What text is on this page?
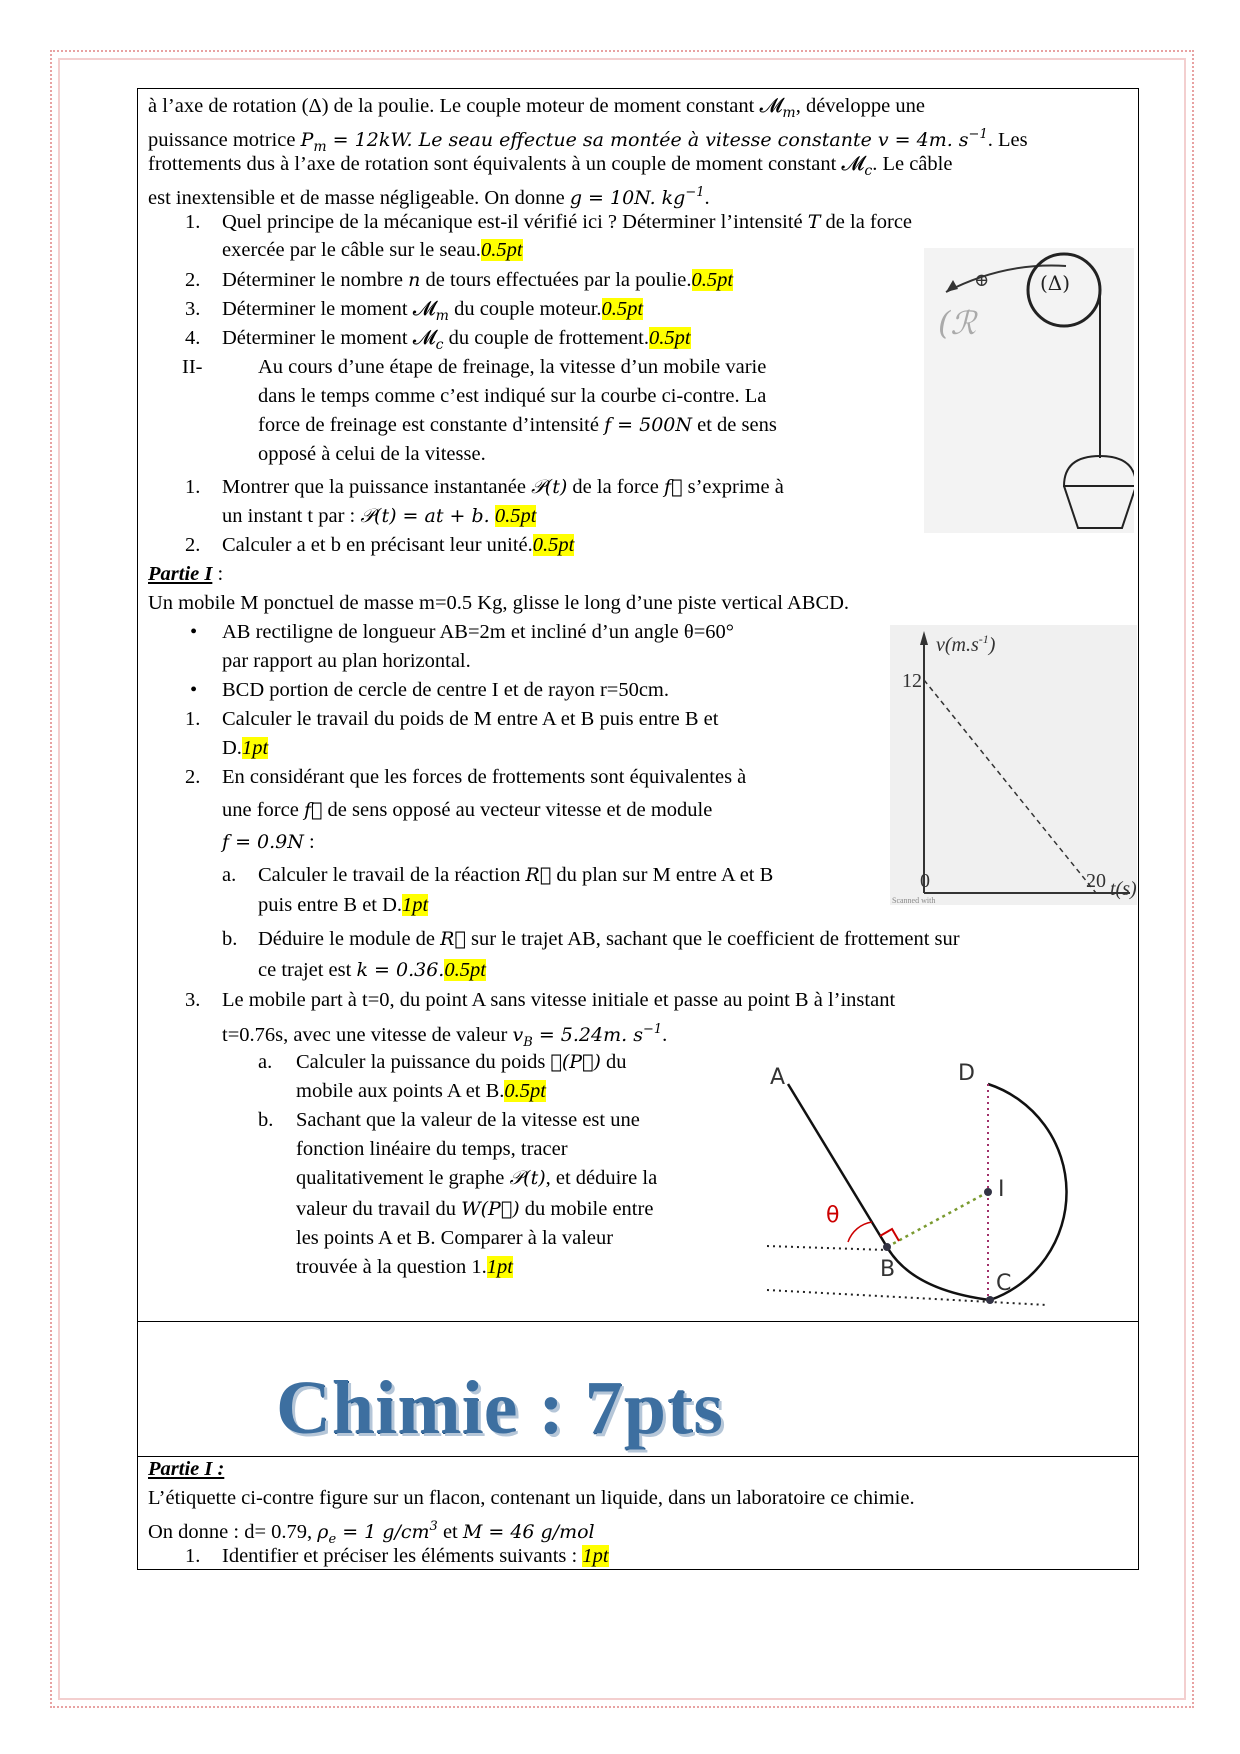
à l’axe de rotation (Δ) de la poulie. Le couple moteur de moment constant 𝓜$_m$, développe une
puissance motrice $P_m = 12kW$. Le seau effectue sa montée à vitesse constante v = 4m. $s^{-1}$. Les
frottements dus à l’axe de rotation sont équivalents à un couple de moment constant 𝓜$_c$. Le câble
est inextensible et de masse négligeable. On donne g = 10N. $kg^{-1}$.
1. Quel principe de la mécanique est-il vérifié ici ? Déterminer l’intensité T de la force
exercée par le câble sur le seau.0.5pt
2. Déterminer le nombre n de tours effectuées par la poulie.0.5pt
3. Déterminer le moment 𝓜$_m$ du couple moteur.0.5pt
4. Déterminer le moment 𝓜$_c$ du couple de frottement.0.5pt
II-	Au cours d’une étape de freinage, la vitesse d’un mobile varie
dans le temps comme c’est indiqué sur la courbe ci-contre. La
force de freinage est constante d’intensité f = 500N et de sens
opposé à celui de la vitesse.
1. Montrer que la puissance instantanée 𝒫(t) de la force f⃗ s’exprime à
un instant t par : 𝒫(t) = at + b. 0.5pt
2. Calculer a et b en précisant leur unité.0.5pt
Partie I :
Un mobile M ponctuel de masse m=0.5 Kg, glisse le long d’une piste vertical ABCD.
• AB rectiligne de longueur AB=2m et incliné d’un angle θ=60°
par rapport au plan horizontal.
• BCD portion de cercle de centre I et de rayon r=50cm.
1. Calculer le travail du poids de M entre A et B puis entre B et
D.1pt
2. En considérant que les forces de frottements sont équivalentes à
une force f⃗ de sens opposé au vecteur vitesse et de module
f = 0.9N :
a. Calculer le travail de la réaction R⃗ du plan sur M entre A et B
puis entre B et D.1pt
b. Déduire le module de R⃗ sur le trajet AB, sachant que le coefficient de frottement sur
ce trajet est k = 0.36.0.5pt
3. Le mobile part à t=0, du point A sans vitesse initiale et passe au point B à l’instant
t=0.76s, avec une vitesse de valeur $v_B = 5.24m$. $s^{-1}$.
a. Calculer la puissance du poids 𝒫(P⃗) du
mobile aux points A et B.0.5pt
b. Sachant que la valeur de la vitesse est une
fonction linéaire du temps, tracer
qualitativement le graphe 𝒫(t), et déduire la
valeur du travail du W(P⃗) du mobile entre
les points A et B. Comparer à la valeur
trouvée à la question 1.1pt
Chimie : 7pts
Partie I :
L’étiquette ci-contre figure sur un flacon, contenant un liquide, dans un laboratoire ce chimie.
On donne : d= 0.79, $\rho_e = 1$ $g/cm^3$ et M = 46 g/mol
1. Identifier et préciser les éléments suivants : 1pt
⊕	(Δ)
(ℛ
$v(m.s^{-1})$
12
0	20 t(s)
Scanned with
A
B
C
D
I
θ
